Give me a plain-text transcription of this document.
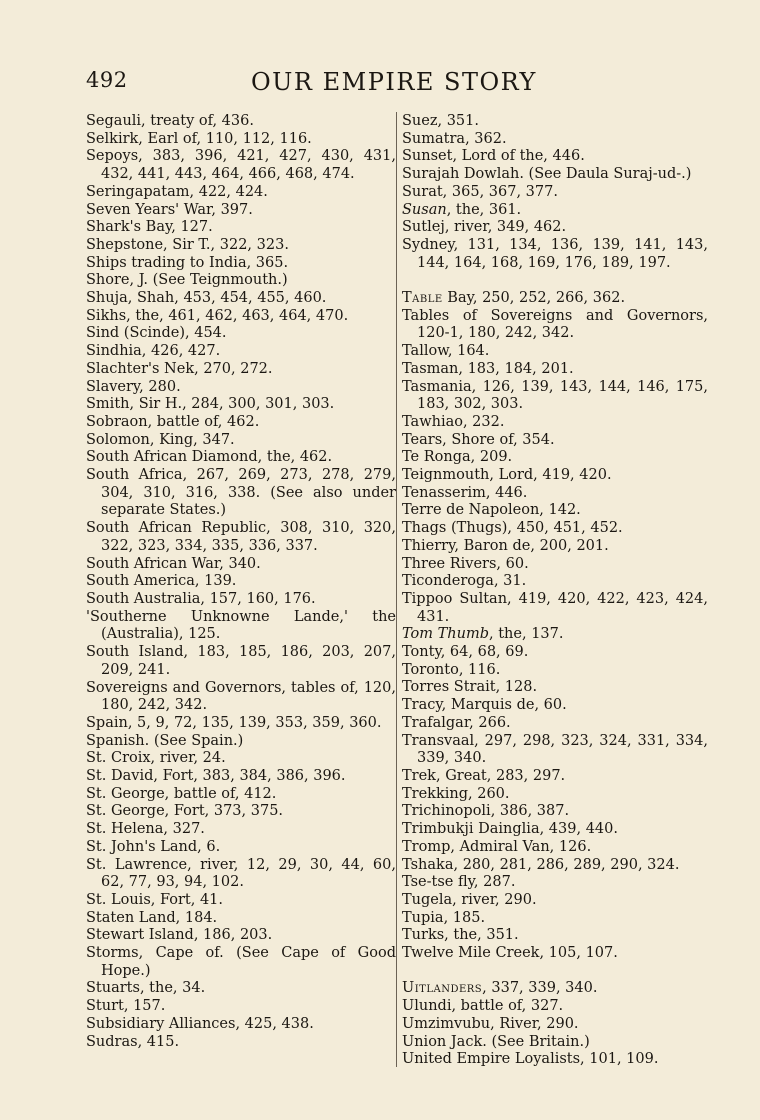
492	OUR EMPIRE STORY
Segauli, treaty of, 436.
Selkirk, Earl of, 110, 112, 116.
Sepoys, 383, 396, 421, 427, 430, 431, 432, 441, 443, 464, 466, 468, 474.
Seringapatam, 422, 424.
Seven Years' War, 397.
Shark's Bay, 127.
Shepstone, Sir T., 322, 323.
Ships trading to India, 365.
Shore, J. (See Teignmouth.)
Shuja, Shah, 453, 454, 455, 460.
Sikhs, the, 461, 462, 463, 464, 470.
Sind (Scinde), 454.
Sindhia, 426, 427.
Slachter's Nek, 270, 272.
Slavery, 280.
Smith, Sir H., 284, 300, 301, 303.
Sobraon, battle of, 462.
Solomon, King, 347.
South African Diamond, the, 462.
South Africa, 267, 269, 273, 278, 279, 304, 310, 316, 338. (See also under separate States.)
South African Republic, 308, 310, 320, 322, 323, 334, 335, 336, 337.
South African War, 340.
South America, 139.
South Australia, 157, 160, 176.
'Southerne Unknowne Lande,' the (Australia), 125.
South Island, 183, 185, 186, 203, 207, 209, 241.
Sovereigns and Governors, tables of, 120, 180, 242, 342.
Spain, 5, 9, 72, 135, 139, 353, 359, 360.
Spanish. (See Spain.)
St. Croix, river, 24.
St. David, Fort, 383, 384, 386, 396.
St. George, battle of, 412.
St. George, Fort, 373, 375.
St. Helena, 327.
St. John's Land, 6.
St. Lawrence, river, 12, 29, 30, 44, 60, 62, 77, 93, 94, 102.
St. Louis, Fort, 41.
Staten Land, 184.
Stewart Island, 186, 203.
Storms, Cape of. (See Cape of Good Hope.)
Stuarts, the, 34.
Sturt, 157.
Subsidiary Alliances, 425, 438.
Sudras, 415.
Suez, 351.
Sumatra, 362.
Sunset, Lord of the, 446.
Surajah Dowlah. (See Daula Suraj-ud-.)
Surat, 365, 367, 377.
Susan, the, 361.
Sutlej, river, 349, 462.
Sydney, 131, 134, 136, 139, 141, 143, 144, 164, 168, 169, 176, 189, 197.
Table Bay, 250, 252, 266, 362.
Tables of Sovereigns and Governors, 120-1, 180, 242, 342.
Tallow, 164.
Tasman, 183, 184, 201.
Tasmania, 126, 139, 143, 144, 146, 175, 183, 302, 303.
Tawhiao, 232.
Tears, Shore of, 354.
Te Ronga, 209.
Teignmouth, Lord, 419, 420.
Tenasserim, 446.
Terre de Napoleon, 142.
Thags (Thugs), 450, 451, 452.
Thierry, Baron de, 200, 201.
Three Rivers, 60.
Ticonderoga, 31.
Tippoo Sultan, 419, 420, 422, 423, 424, 431.
Tom Thumb, the, 137.
Tonty, 64, 68, 69.
Toronto, 116.
Torres Strait, 128.
Tracy, Marquis de, 60.
Trafalgar, 266.
Transvaal, 297, 298, 323, 324, 331, 334, 339, 340.
Trek, Great, 283, 297.
Trekking, 260.
Trichinopoli, 386, 387.
Trimbukji Dainglia, 439, 440.
Tromp, Admiral Van, 126.
Tshaka, 280, 281, 286, 289, 290, 324.
Tse-tse fly, 287.
Tugela, river, 290.
Tupia, 185.
Turks, the, 351.
Twelve Mile Creek, 105, 107.
Uitlanders, 337, 339, 340.
Ulundi, battle of, 327.
Umzimvubu, River, 290.
Union Jack. (See Britain.)
United Empire Loyalists, 101, 109.
